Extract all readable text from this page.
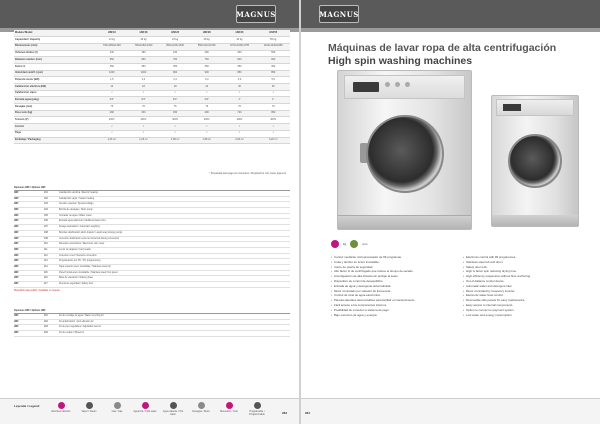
MAGNUS
Modelo/ Model	HSF13	HSF18	HSF23	HSF28	HSF40	HSF55
Capacidad / Capacity	13 kg	18 kg	23 kg	28 kg	40 kg	55 kg
Dimensiones (mm)	790x1060x1390	790x1060x1390	850x1210x1530	850x1210x1530	1070x1330x1765	1120x1440x1865
Volumen tambor (l)	130	180	230	280	400	550
Diámetro tambor (mm)	650	650	750	750	900	900
Factor G	350	350	350	350	350	350
Velocidad centrif. (rpm)	1000	1000	900	900	850	850
Potencia motor (kW)	1,5	2,2	2,2	3,0	4,0	5,5
Calefacción eléctrica (kW)	12	18	18	24	36	45
Calefacción vapor	√	√	√	√	√	√
Entrada agua (pulg.)	3/4"	3/4"	3/4"	3/4"	1"	1"
Desagüe (mm)	76	76	76	76	76	76
Peso neto (kg)	290	330	450	490	720	950
Tensión (V)	400V	400V	400V	400V	400V	400V
Control	√	√	√	√	√	√
Pago	√	√	√	√	√	√
Embalaje / Packaging	1,26 m³	1,26 m³	1,68 m³	1,68 m³	2,60 m³	3,20 m³
* Preparada para pago por monedero / Prepared for coin meter payment
Opciones HSF / Options HSF
HSF	101	Calefacción eléctrica / Electric heating
HSF	102	Calefacción vapor / Steam heating
HSF	103	Tensión especial / Special voltage
HSF	104	Bomba de desagüe / Drain pump
HSF	105	Contador de agua / Water meter
HSF	106	Entrada agua adicional / Additional water inlet
HSF	107	Pesaje automático / Automatic weighing
HSF	108	Bombas dosificación jabón líquido / Liquid soap dosing pumps
HSF	109	Conexión dosificación externa / External dosing connection
HSF	110	Monedero electrónico / Electronic coin meter
HSF	111	Lector de tarjetas / Card reader
HSF	112	Conexión a red / Network connection
HSF	113	Programación por PC / PC programming
HSF	114	Tapa superior acero inoxidable / Stainless steel top
HSF	115	Panel frontal acero inoxidable / Stainless steel front panel
HSF	116	Base de elevación / Raising base
HSF	117	Puerta de seguridad / Safety door
Disponible bajo pedido / Available on request
Opciones HSF / Options HSF
HSF	201	Kit de reciclaje de agua / Water recycling kit
HSF	202	Kit antivibración / Anti-vibration kit
HSF	203	Kit de pies regulables / Adjustable feet kit
HSF	204	Kit de ruedas / Wheel kit
Leyenda / Legend
Eléctrica / Electric	Vapor / Steam	Gas / Gas	Agua fría / Cold water	Agua caliente / Hot water
Desagüe / Drain	Monedero / Coin	Programable / Programmable	283
MAGNUS
Máquinas de lavar ropa de alta centrifugación
High spin washing machines
kg	rpm
• Control mediante microprocesador de 99 programas.
• Cuba y tambor en acero inoxidable.
• Cierre de puerta de seguridad.
• Alto factor G de centrifugado que reduce el tiempo de secado.
• Amortiguación de alta eficacia sin anclaje al suelo.
• Dispositivo de control de desequilibrio.
• Entrada de agua y detergente automatizada.
• Motor controlado por variador de frecuencia.
• Control de nivel de agua electrónico.
• Paneles laterales desmontables para facilitar el mantenimiento.
• Fácil acceso a los componentes internos.
• Posibilidad de conexión a sistema de pago.
• Bajo consumo de agua y energía.
• Electronic control with 99 programmes.
• Stainless steel tub and drum.
• Safety door lock.
• High G factor spin reducing drying time.
• High efficiency suspension without floor anchoring.
• Out-of-balance control device.
• Automatic water and detergent inlet.
• Motor controlled by frequency inverter.
• Electronic water level control.
• Removable side panels for easy maintenance.
• Easy access to internal components.
• Option to connect to payment system.
• Low water and energy consumption.
284
